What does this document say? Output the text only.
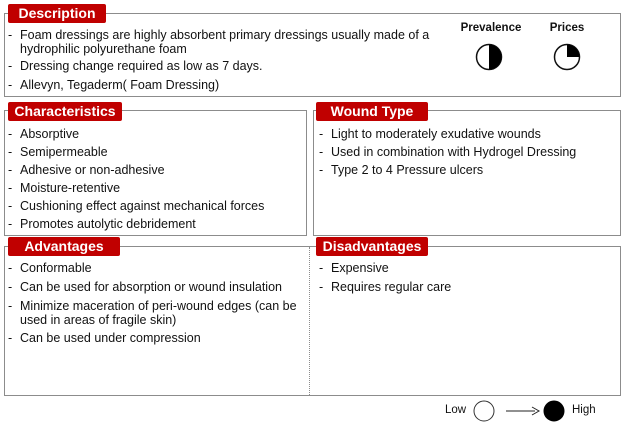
Description
- Foam dressings are highly absorbent primary dressings usually made of a hydrophilic polyurethane foam
- Dressing change required as low as 7 days.
- Allevyn, Tegaderm( Foam Dressing)
Prevalence	Prices
Characteristics
- Absorptive
- Semipermeable
- Adhesive or non-adhesive
- Moisture-retentive
- Cushioning effect against mechanical forces
- Promotes autolytic debridement
Wound Type
- Light to moderately exudative wounds
- Used in combination with Hydrogel Dressing
- Type 2 to 4 Pressure ulcers
Advantages
- Conformable
- Can be used for absorption or wound insulation
- Minimize maceration of peri-wound edges (can be used in areas of fragile skin)
- Can be used under compression
Disadvantages
- Expensive
- Requires regular care
Low	High
